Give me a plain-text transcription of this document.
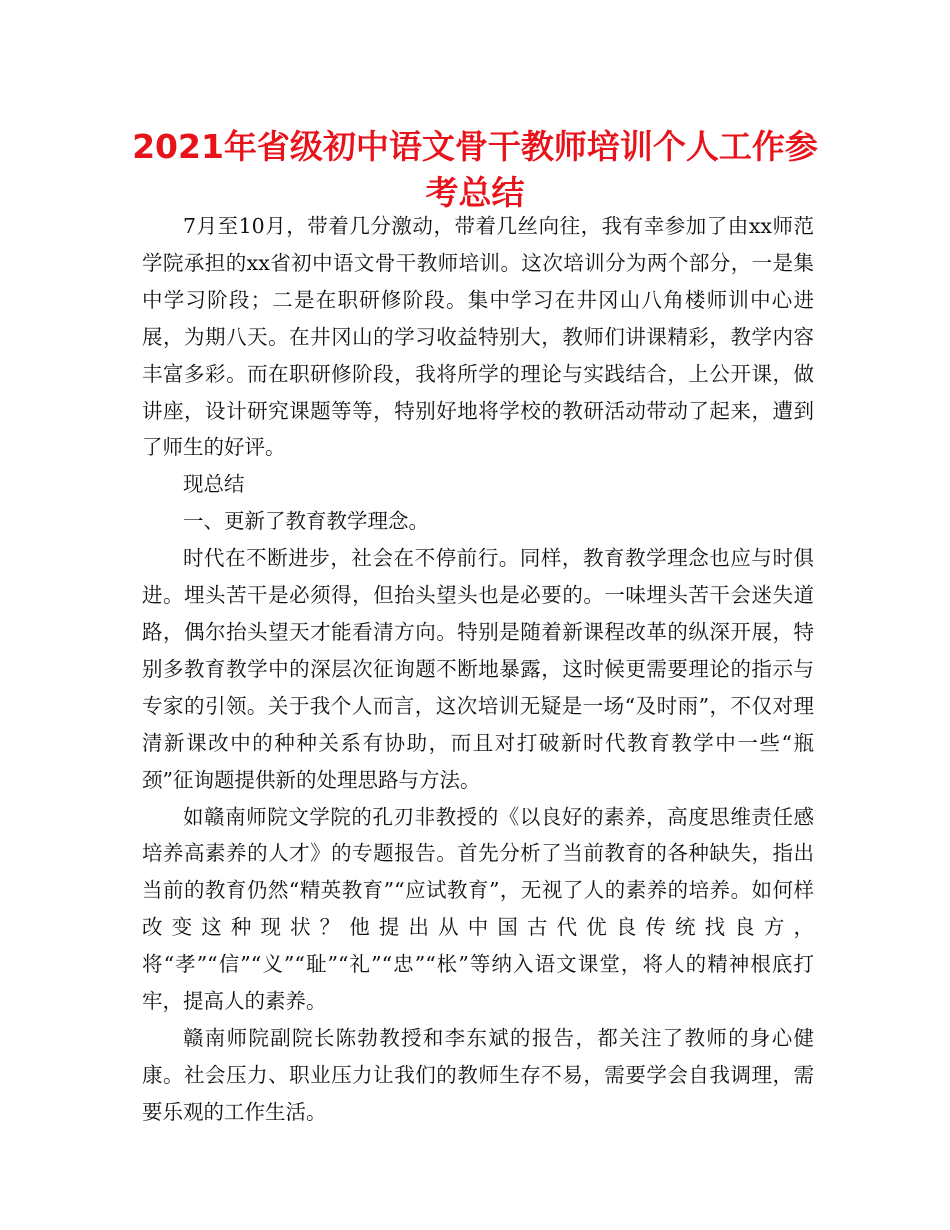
2021年省级初中语文骨干教师培训个人工作参
考总结

7月至10月，带着几分激动，带着几丝向往，我有幸参加了由xx师范学院承担的xx省初中语文骨干教师培训。这次培训分为两个部分，一是集中学习阶段；二是在职研修阶段。集中学习在井冈山八角楼师训中心进展，为期八天。在井冈山的学习收益特别大，教师们讲课精彩，教学内容丰富多彩。而在职研修阶段，我将所学的理论与实践结合，上公开课，做讲座，设计研究课题等等，特别好地将学校的教研活动带动了起来，遭到了师生的好评。

现总结

一、更新了教育教学理念。

时代在不断进步，社会在不停前行。同样，教育教学理念也应与时俱进。埋头苦干是必须得，但抬头望头也是必要的。一味埋头苦干会迷失道路，偶尔抬头望天才能看清方向。特别是随着新课程改革的纵深开展，特别多教育教学中的深层次征询题不断地暴露，这时候更需要理论的指示与专家的引领。关于我个人而言，这次培训无疑是一场“及时雨”，不仅对理清新课改中的种种关系有协助，而且对打破新时代教育教学中一些“瓶颈”征询题提供新的处理思路与方法。

如赣南师院文学院的孔刃非教授的《以良好的素养，高度思维责任感培养高素养的人才》的专题报告。首先分析了当前教育的各种缺失，指出当前的教育仍然“精英教育”“应试教育”，无视了人的素养的培养。如何样改变这种现状？他提出从中国古代优良传统找良方，将“孝”“信”“义”“耻”“礼”“忠”“枨”等纳入语文课堂，将人的精神根底打牢，提高人的素养。

赣南师院副院长陈勃教授和李东斌的报告，都关注了教师的身心健康。社会压力、职业压力让我们的教师生存不易，需要学会自我调理，需要乐观的工作生活。
